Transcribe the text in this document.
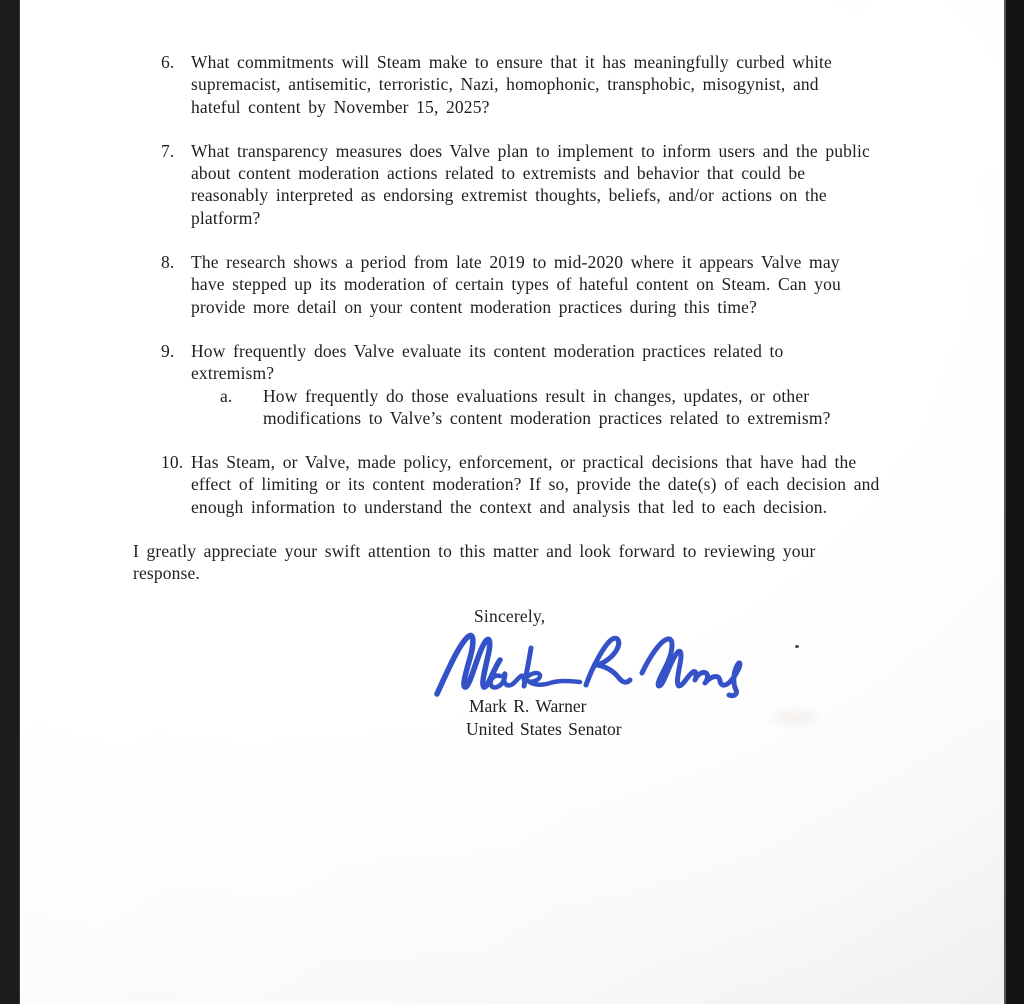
6. What commitments will Steam make to ensure that it has meaningfully curbed white
supremacist, antisemitic, terroristic, Nazi, homophonic, transphobic, misogynist, and
hateful content by November 15, 2025?
7. What transparency measures does Valve plan to implement to inform users and the public
about content moderation actions related to extremists and behavior that could be
reasonably interpreted as endorsing extremist thoughts, beliefs, and/or actions on the
platform?
8. The research shows a period from late 2019 to mid-2020 where it appears Valve may
have stepped up its moderation of certain types of hateful content on Steam. Can you
provide more detail on your content moderation practices during this time?
9. How frequently does Valve evaluate its content moderation practices related to
extremism?
a.	How frequently do those evaluations result in changes, updates, or other
modifications to Valve’s content moderation practices related to extremism?
10. Has Steam, or Valve, made policy, enforcement, or practical decisions that have had the
effect of limiting or its content moderation? If so, provide the date(s) of each decision and
enough information to understand the context and analysis that led to each decision.
I greatly appreciate your swift attention to this matter and look forward to reviewing your
response.
Sincerely,
Mark R. Warner
United States Senator
